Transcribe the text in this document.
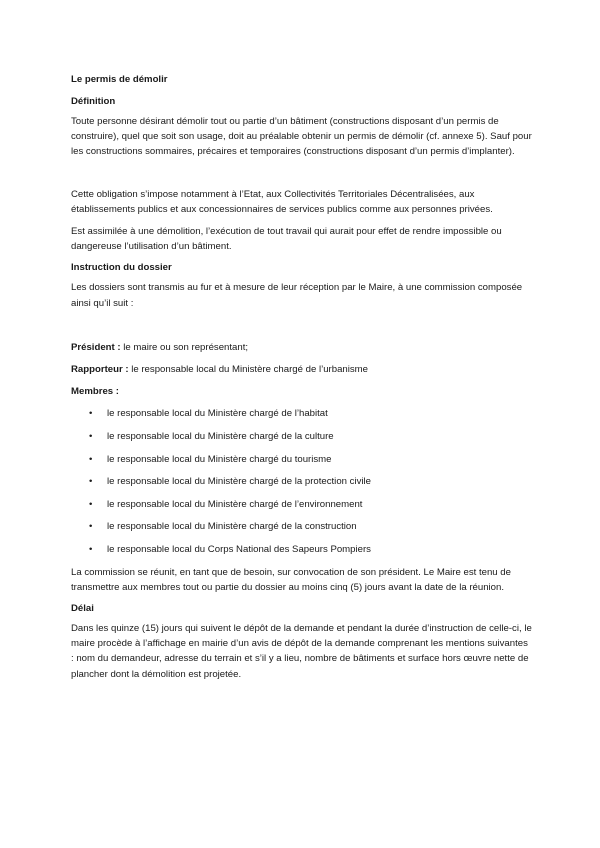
Le permis de démolir
Définition

Toute personne désirant démolir tout ou partie d’un bâtiment (constructions disposant d’un permis de construire), quel que soit son usage, doit au préalable obtenir un permis de démolir (cf. annexe 5). Sauf pour les constructions sommaires, précaires et temporaires (constructions disposant d’un permis d’implanter).

Cette obligation s’impose notamment à l’Etat, aux Collectivités Territoriales Décentralisées, aux établissements publics et aux concessionnaires de services publics comme aux personnes privées.

Est assimilée à une démolition, l’exécution de tout travail qui aurait pour effet de rendre impossible ou dangereuse l’utilisation d’un bâtiment.

Instruction du dossier

Les dossiers sont transmis au fur et à mesure de leur réception par le Maire, à une commission composée ainsi qu’il suit :

Président : le maire ou son représentant;
Rapporteur : le responsable local du Ministère chargé de l’urbanisme
Membres :
• le responsable local du Ministère chargé de l’habitat
• le responsable local du Ministère chargé de la culture
• le responsable local du Ministère chargé du tourisme
• le responsable local du Ministère chargé de la protection civile
• le responsable local du Ministère chargé de l’environnement
• le responsable local du Ministère chargé de la construction
• le responsable local du Corps National des Sapeurs Pompiers

La commission se réunit, en tant que de besoin, sur convocation de son président. Le Maire est tenu de transmettre aux membres tout ou partie du dossier au moins cinq (5) jours avant la date de la réunion.

Délai

Dans les quinze (15) jours qui suivent le dépôt de la demande et pendant la durée d’instruction de celle-ci, le maire procède à l’affichage en mairie d’un avis de dépôt de la demande comprenant les mentions suivantes : nom du demandeur, adresse du terrain et s’il y a lieu, nombre de bâtiments et surface hors œuvre nette de plancher dont la démolition est projetée.
